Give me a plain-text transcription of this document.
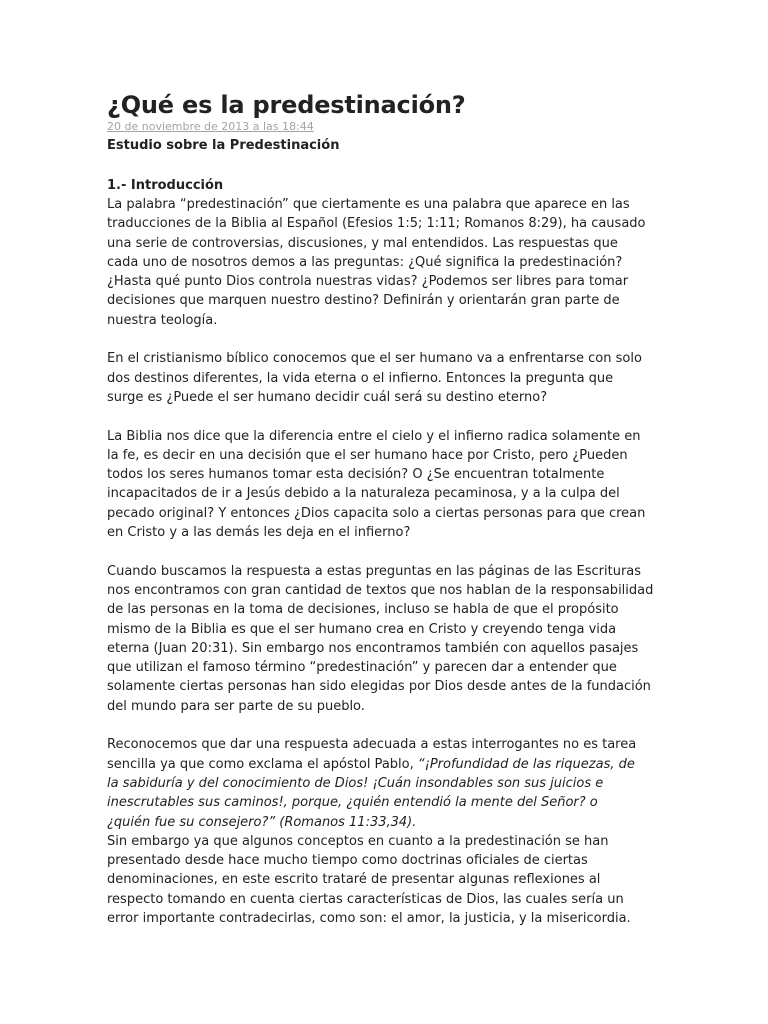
¿Qué es la predestinación?
20 de noviembre de 2013 a las 18:44
Estudio sobre la Predestinación
1.- Introducción

La palabra “predestinación” que ciertamente es una palabra que aparece en las
traducciones de la Biblia al Español (Efesios 1:5; 1:11; Romanos 8:29), ha causado
una serie de controversias, discusiones, y mal entendidos. Las respuestas que
cada uno de nosotros demos a las preguntas: ¿Qué significa la predestinación?
¿Hasta qué punto Dios controla nuestras vidas? ¿Podemos ser libres para tomar
decisiones que marquen nuestro destino? Definirán y orientarán gran parte de
nuestra teología.

En el cristianismo bíblico conocemos que el ser humano va a enfrentarse con solo
dos destinos diferentes, la vida eterna o el infierno. Entonces la pregunta que
surge es ¿Puede el ser humano decidir cuál será su destino eterno?

La Biblia nos dice que la diferencia entre el cielo y el infierno radica solamente en
la fe, es decir en una decisión que el ser humano hace por Cristo, pero ¿Pueden
todos los seres humanos tomar esta decisión? O ¿Se encuentran totalmente
incapacitados de ir a Jesús debido a la naturaleza pecaminosa, y a la culpa del
pecado original? Y entonces ¿Dios capacita solo a ciertas personas para que crean
en Cristo y a las demás les deja en el infierno?

Cuando buscamos la respuesta a estas preguntas en las páginas de las Escrituras
nos encontramos con gran cantidad de textos que nos hablan de la responsabilidad
de las personas en la toma de decisiones, incluso se habla de que el propósito
mismo de la Biblia es que el ser humano crea en Cristo y creyendo tenga vida
eterna (Juan 20:31). Sin embargo nos encontramos también con aquellos pasajes
que utilizan el famoso término “predestinación” y parecen dar a entender que
solamente ciertas personas han sido elegidas por Dios desde antes de la fundación
del mundo para ser parte de su pueblo.

Reconocemos que dar una respuesta adecuada a estas interrogantes no es tarea
sencilla ya que como exclama el apóstol Pablo, “¡Profundidad de las riquezas, de
la sabiduría y del conocimiento de Dios! ¡Cuán insondables son sus juicios e
inescrutables sus caminos!, porque, ¿quién entendió la mente del Señor? o
¿quién fue su consejero?” (Romanos 11:33,34).
Sin embargo ya que algunos conceptos en cuanto a la predestinación se han
presentado desde hace mucho tiempo como doctrinas oficiales de ciertas
denominaciones, en este escrito trataré de presentar algunas reflexiones al
respecto tomando en cuenta ciertas características de Dios, las cuales sería un
error importante contradecirlas, como son: el amor, la justicia, y la misericordia.
